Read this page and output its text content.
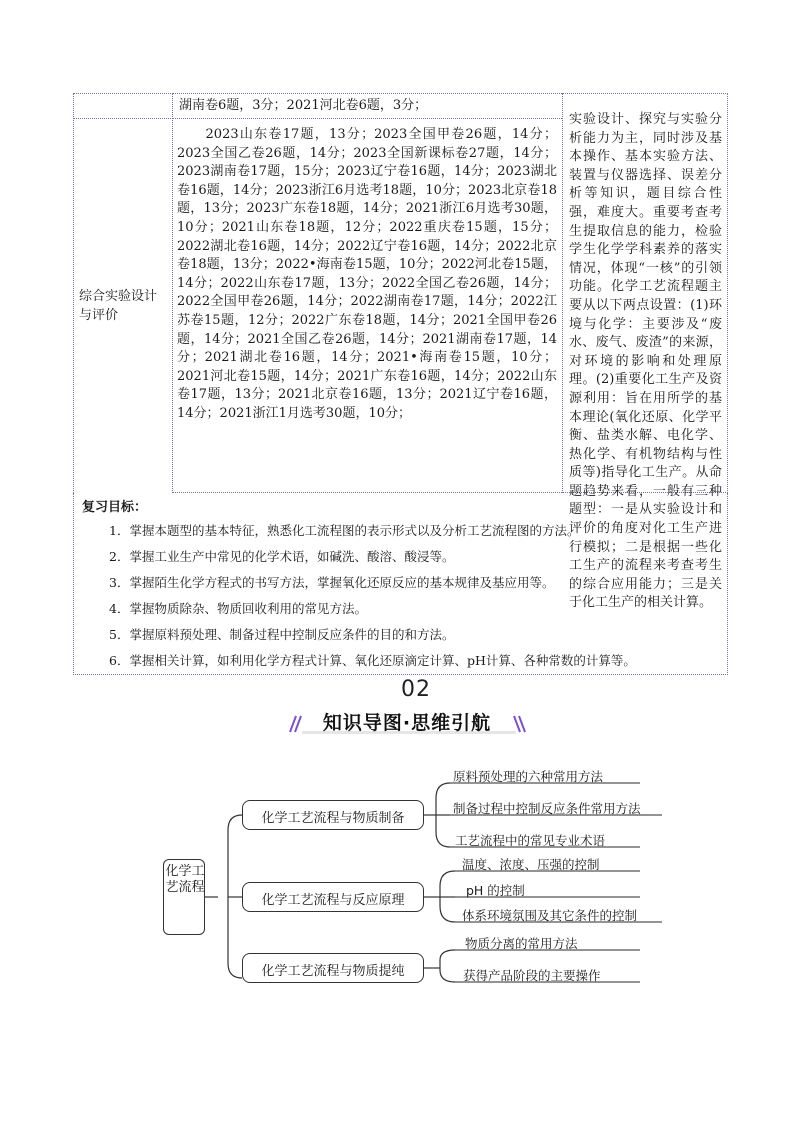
湖南卷6题，3分；2021河北卷6题，3分；
综合实验设计与评价
　　2023山东卷17题，13分；2023全国甲卷26题，14分；2023全国乙卷26题，14分；2023全国新课标卷27题，14分；2023湖南卷17题，15分；2023辽宁卷16题，14分；2023湖北卷16题，14分；2023浙江6月选考18题，10分；2023北京卷18题，13分；2023广东卷18题，14分；2021浙江6月选考30题，10分；2021山东卷18题，12分；2022重庆卷15题，15分；2022湖北卷16题，14分；2022辽宁卷16题，14分；2022北京卷18题，13分；2022•海南卷15题，10分；2022河北卷15题，14分；2022山东卷17题，13分；2022全国乙卷26题，14分；2022全国甲卷26题，14分；2022湖南卷17题，14分；2022江苏卷15题，12分；2022广东卷18题，14分；2021全国甲卷26题，14分；2021全国乙卷26题，14分；2021湖南卷17题，14分；2021湖北卷16题，14分；2021•海南卷15题，10分；2021河北卷15题，14分；2021广东卷16题，14分；2022山东卷17题，13分；2021北京卷16题，13分；2021辽宁卷16题，14分；2021浙江1月选考30题，10分；
实验设计、探究与实验分析能力为主，同时涉及基本操作、基本实验方法、装置与仪器选择、误差分析等知识，题目综合性强，难度大。重要考查考生提取信息的能力，检验学生化学学科素养的落实情况，体现“一核”的引领功能。化学工艺流程题主要从以下两点设置：(1)环境与化学：主要涉及“废水、废气、废渣”的来源，对环境的影响和处理原理。(2)重要化工生产及资源利用：旨在用所学的基本理论(氧化还原、化学平衡、盐类水解、电化学、热化学、有机物结构与性质等)指导化工生产。从命题趋势来看，一般有三种题型：一是从实验设计和评价的角度对化工生产进行模拟；二是根据一些化工生产的流程来考查考生的综合应用能力；三是关于化工生产的相关计算。
复习目标：
1．掌握本题型的基本特征，熟悉化工流程图的表示形式以及分析工艺流程图的方法。
2．掌握工业生产中常见的化学术语，如碱洗、酸溶、酸浸等。
3．掌握陌生化学方程式的书写方法，掌握氧化还原反应的基本规律及基应用等。
4．掌握物质除杂、物质回收利用的常见方法。
5．掌握原料预处理、制备过程中控制反应条件的目的和方法。
6．掌握相关计算，如利用化学方程式计算、氧化还原滴定计算、pH计算、各种常数的计算等。
02
知识导图·思维引航
化学工艺流程
化学工艺流程与物质制备
化学工艺流程与反应原理
化学工艺流程与物质提纯
原料预处理的六种常用方法
制备过程中控制反应条件常用方法
工艺流程中的常见专业术语
温度、浓度、压强的控制
pH 的控制
体系环境氛围及其它条件的控制
物质分离的常用方法
获得产品阶段的主要操作
